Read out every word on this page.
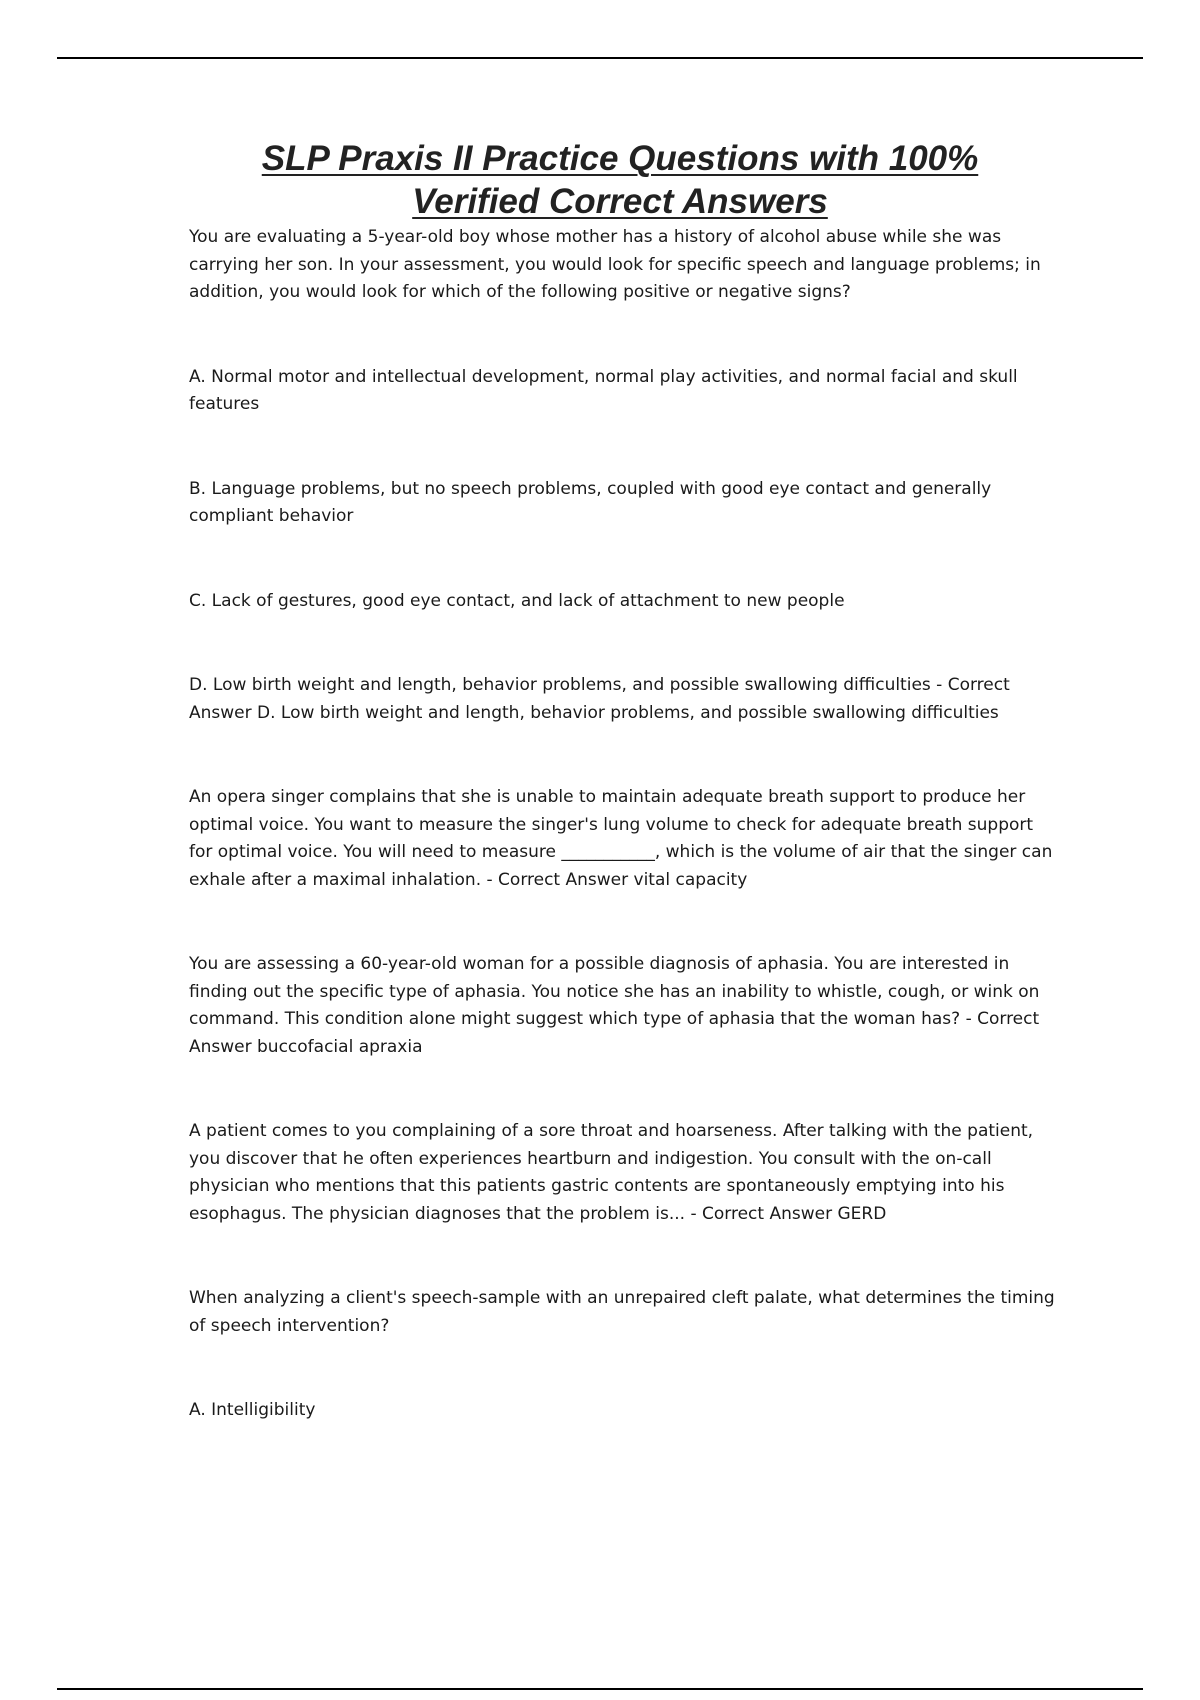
SLP Praxis II Practice Questions with 100%
Verified Correct Answers

You are evaluating a 5-year-old boy whose mother has a history of alcohol abuse while she was carrying her son. In your assessment, you would look for specific speech and language problems; in addition, you would look for which of the following positive or negative signs?

A. Normal motor and intellectual development, normal play activities, and normal facial and skull features

B. Language problems, but no speech problems, coupled with good eye contact and generally compliant behavior

C. Lack of gestures, good eye contact, and lack of attachment to new people

D. Low birth weight and length, behavior problems, and possible swallowing difficulties - Correct Answer D. Low birth weight and length, behavior problems, and possible swallowing difficulties

An opera singer complains that she is unable to maintain adequate breath support to produce her optimal voice. You want to measure the singer's lung volume to check for adequate breath support for optimal voice. You will need to measure ___________, which is the volume of air that the singer can exhale after a maximal inhalation. - Correct Answer vital capacity

You are assessing a 60-year-old woman for a possible diagnosis of aphasia. You are interested in finding out the specific type of aphasia. You notice she has an inability to whistle, cough, or wink on command. This condition alone might suggest which type of aphasia that the woman has? - Correct Answer buccofacial apraxia

A patient comes to you complaining of a sore throat and hoarseness. After talking with the patient, you discover that he often experiences heartburn and indigestion. You consult with the on-call physician who mentions that this patients gastric contents are spontaneously emptying into his esophagus. The physician diagnoses that the problem is... - Correct Answer GERD

When analyzing a client's speech-sample with an unrepaired cleft palate, what determines the timing of speech intervention?

A. Intelligibility
